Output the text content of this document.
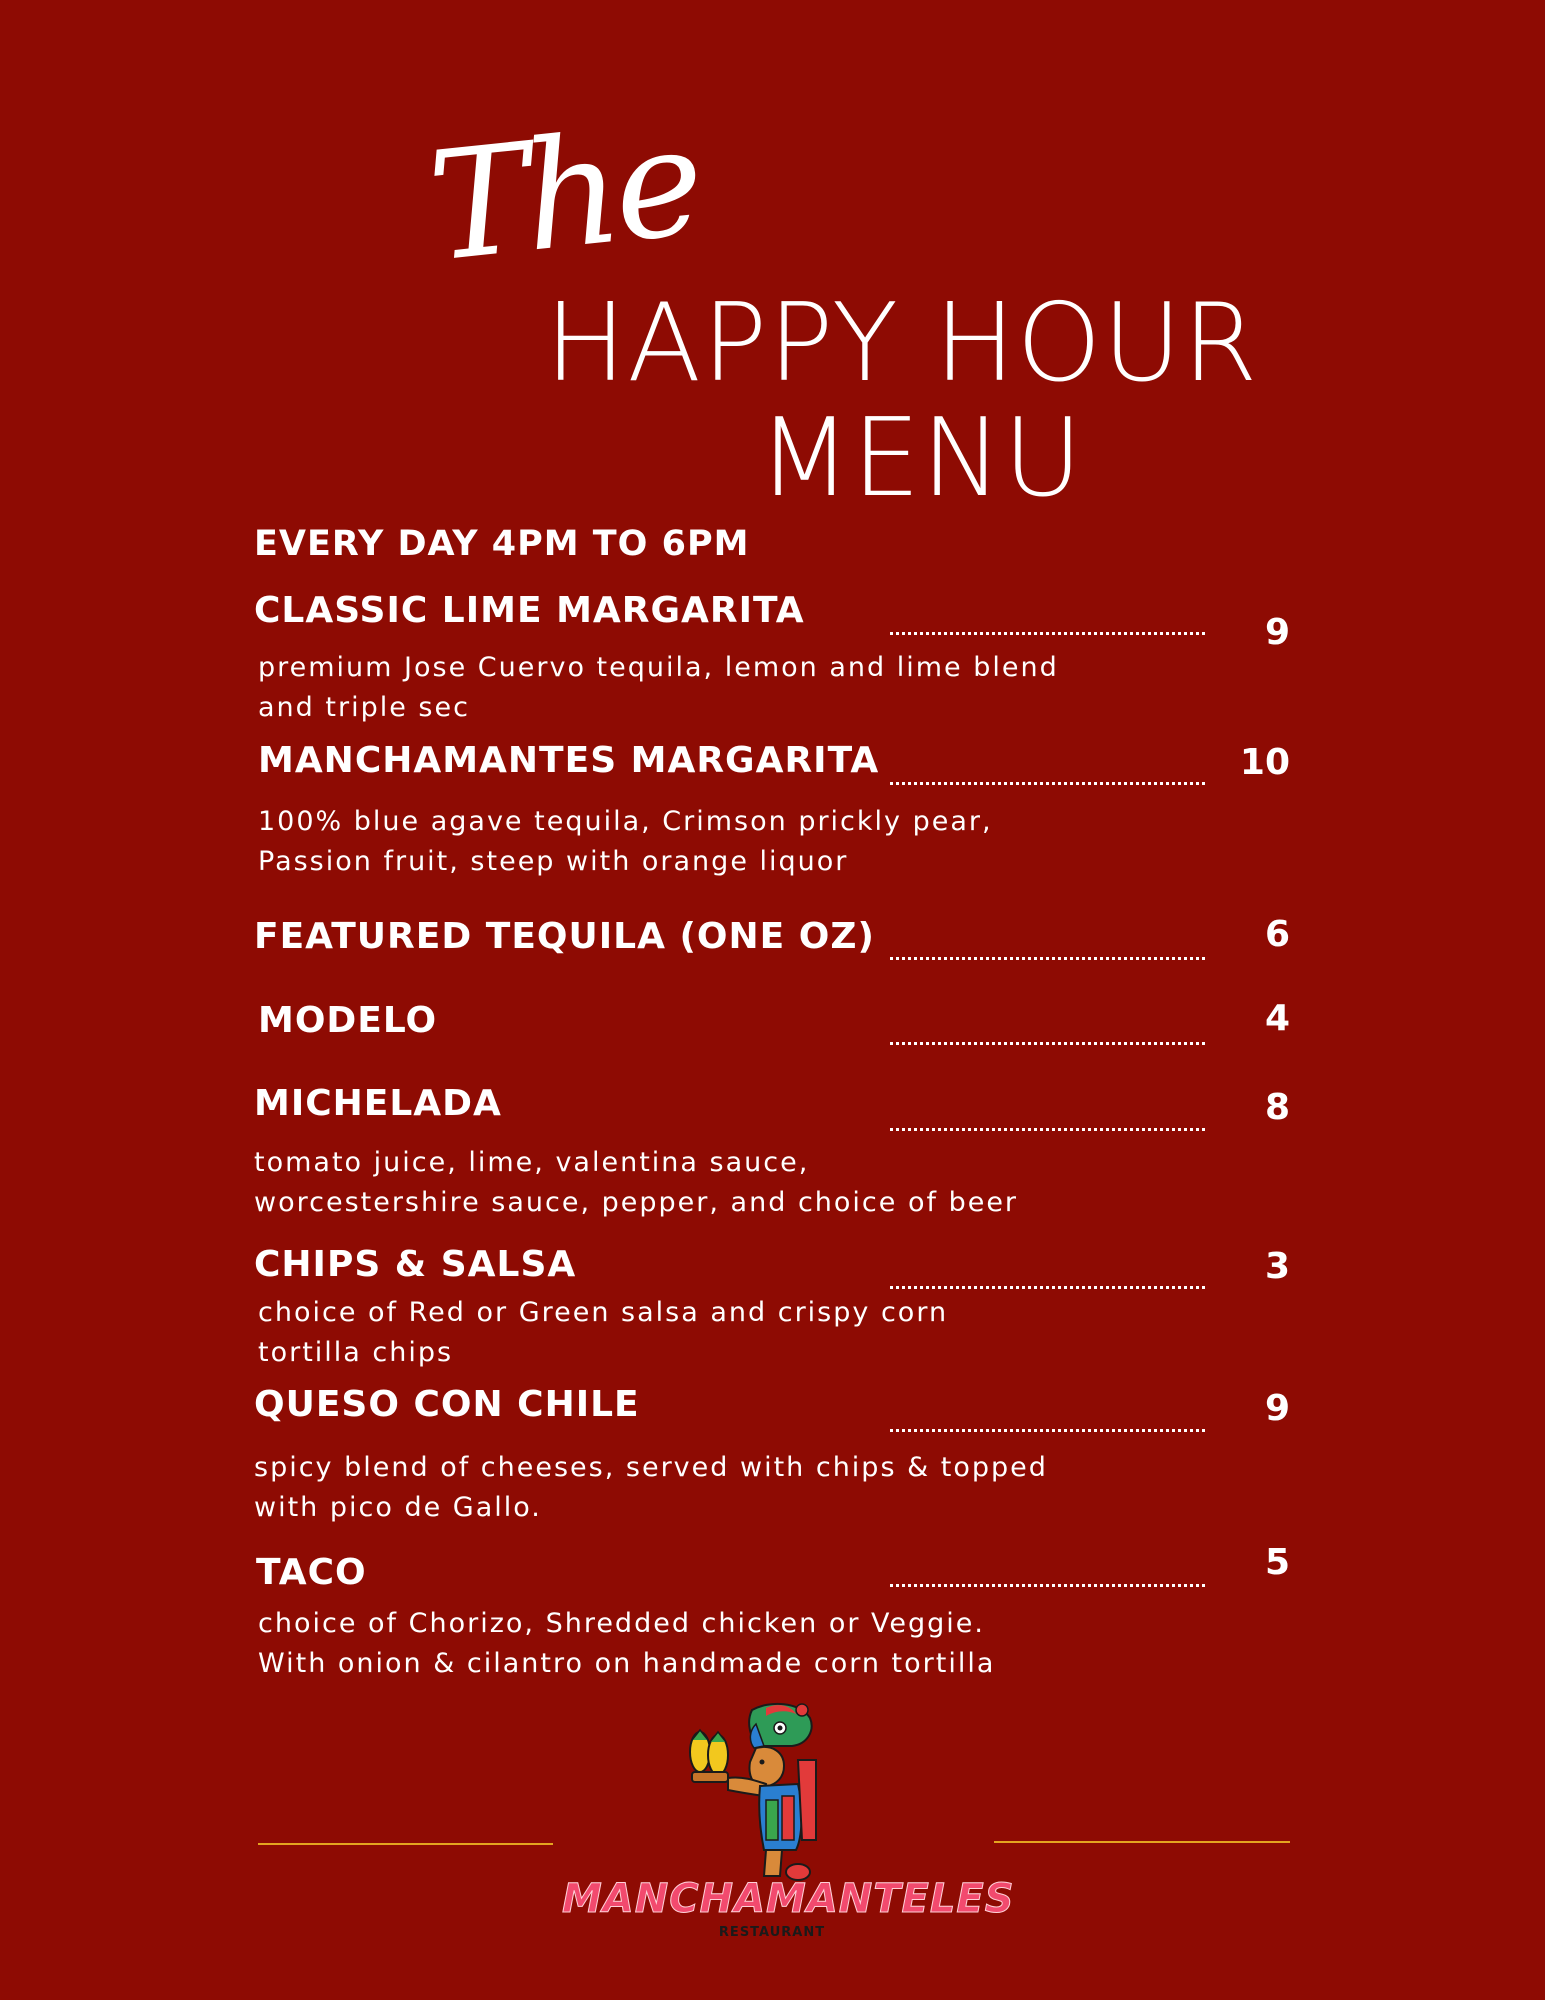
The
HAPPY HOUR
MENU
EVERY DAY 4PM TO 6PM
CLASSIC LIME MARGARITA
9
premium Jose Cuervo tequila, lemon and lime blend
and triple sec
MANCHAMANTES MARGARITA	10
100% blue agave tequila, Crimson prickly pear,
Passion fruit, steep with orange liquor
FEATURED TEQUILA (ONE OZ)	6
MODELO	4
MICHELADA	8
tomato juice, lime, valentina sauce,
worcestershire sauce, pepper, and choice of beer
CHIPS & SALSA	3
choice of Red or Green salsa and crispy corn
tortilla chips
QUESO CON CHILE	9
spicy blend of cheeses, served with chips & topped
with pico de Gallo.
TACO	5
choice of Chorizo, Shredded chicken or Veggie.
With onion & cilantro on handmade corn tortilla
MANCHAMANTELES
RESTAURANT
